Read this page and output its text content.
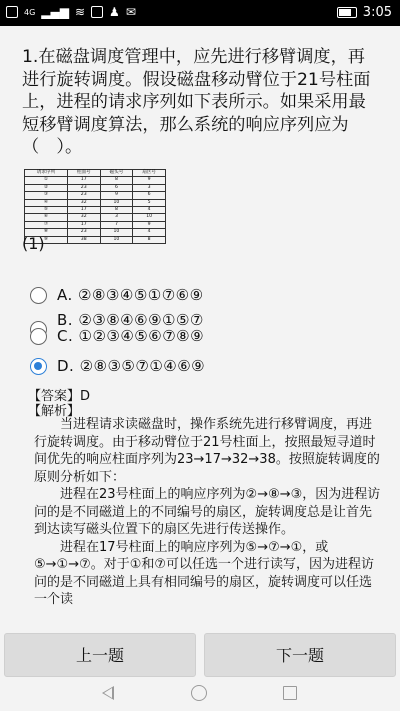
4G ▂▄▆ ≋ ♟ ✉	3:05
1.在磁盘调度管理中，应先进行移臂调度，再进行旋转调度。假设磁盘移动臂位于21号柱面上，进程的请求序列如下表所示。如果采用最短移臂调度算法，那么系统的响应序列应为（　）。
请求序列	柱面号	磁头号	扇区号
①	17	8	9
②	23	6	3
③	23	9	6
④	32	10	5
⑤	17	8	4
⑥	32	3	10
⑦	17	7	9
⑧	23	10	4
⑨	38	10	8
(1)
A. ②⑧③④⑤①⑦⑥⑨
B. ②③⑧④⑥⑨①⑤⑦
C. ①②③④⑤⑥⑦⑧⑨
D. ②⑧③⑤⑦①④⑥⑨
【答案】D
【解析】

当进程请求读磁盘时，操作系统先进行移臂调度，再进行旋转调度。由于移动臂位于21号柱面上，按照最短寻道时间优先的响应柱面序列为23→17→32→38。按照旋转调度的原则分析如下：

进程在23号柱面上的响应序列为②→⑧→③，因为进程访问的是不同磁道上的不同编号的扇区，旋转调度总是让首先到达读写磁头位置下的扇区先进行传送操作。

进程在17号柱面上的响应序列为⑤→⑦→①，或⑤→①→⑦。对于①和⑦可以任选一个进行读写，因为进程访问的是不同磁道上具有相同编号的扇区，旋转调度可以任选一个读

上一题	下一题
